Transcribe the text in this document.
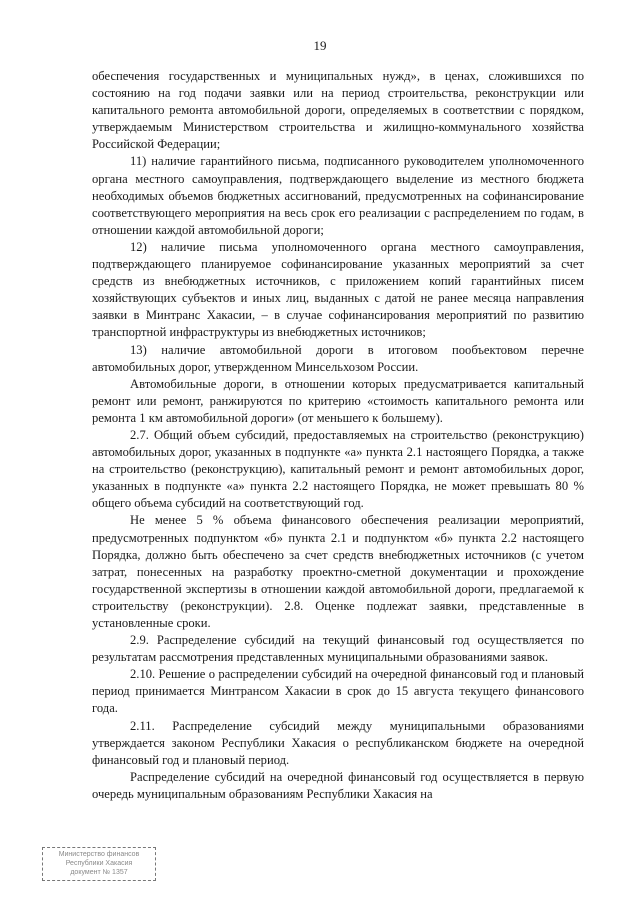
19

обеспечения государственных и муниципальных нужд», в ценах, сложившихся по состоянию на год подачи заявки или на период строительства, реконструкции или капитального ремонта автомобильной дороги, определяемых в соответствии с порядком, утверждаемым Министерством строительства и жилищно-коммунального хозяйства Российской Федерации;

11) наличие гарантийного письма, подписанного руководителем уполномоченного органа местного самоуправления, подтверждающего выделение из местного бюджета необходимых объемов бюджетных ассигнований, предусмотренных на софинансирование соответствующего мероприятия на весь срок его реализации с распределением по годам, в отношении каждой автомобильной дороги;

12) наличие письма уполномоченного органа местного самоуправления, подтверждающего планируемое софинансирование указанных мероприятий за счет средств из внебюджетных источников, с приложением копий гарантийных писем хозяйствующих субъектов и иных лиц, выданных с датой не ранее месяца направления заявки в Минтранс Хакасии, – в случае софинансирования мероприятий по развитию транспортной инфраструктуры из внебюджетных источников;

13) наличие автомобильной дороги в итоговом пообъектовом перечне автомобильных дорог, утвержденном Минсельхозом России.

Автомобильные дороги, в отношении которых предусматривается капитальный ремонт или ремонт, ранжируются по критерию «стоимость капитального ремонта или ремонта 1 км автомобильной дороги» (от меньшего к большему).

2.7. Общий объем субсидий, предоставляемых на строительство (реконструкцию) автомобильных дорог, указанных в подпункте «а» пункта 2.1 настоящего Порядка, а также на строительство (реконструкцию), капитальный ремонт и ремонт автомобильных дорог, указанных в подпункте «а» пункта 2.2 настоящего Порядка, не может превышать 80 % общего объема субсидий на соответствующий год.

Не менее 5 % объема финансового обеспечения реализации мероприятий, предусмотренных подпунктом «б» пункта 2.1 и подпунктом «б» пункта 2.2 настоящего Порядка, должно быть обеспечено за счет средств внебюджетных источников (с учетом затрат, понесенных на разработку проектно-сметной документации и прохождение государственной экспертизы в отношении каждой автомобильной дороги, предлагаемой к строительству (реконструкции). 2.8. Оценке подлежат заявки, представленные в установленные сроки.

2.9. Распределение субсидий на текущий финансовый год осуществляется по результатам рассмотрения представленных муниципальными образованиями заявок.

2.10. Решение о распределении субсидий на очередной финансовый год и плановый период принимается Минтрансом Хакасии в срок до 15 августа текущего финансового года.

2.11. Распределение субсидий между муниципальными образованиями утверждается законом Республики Хакасия о республиканском бюджете на очередной финансовый год и плановый период.

Распределение субсидий на очередной финансовый год осуществляется в первую очередь муниципальным образованиям Республики Хакасия на

Министерство финансов
Республики Хакасия
документ № 1357
